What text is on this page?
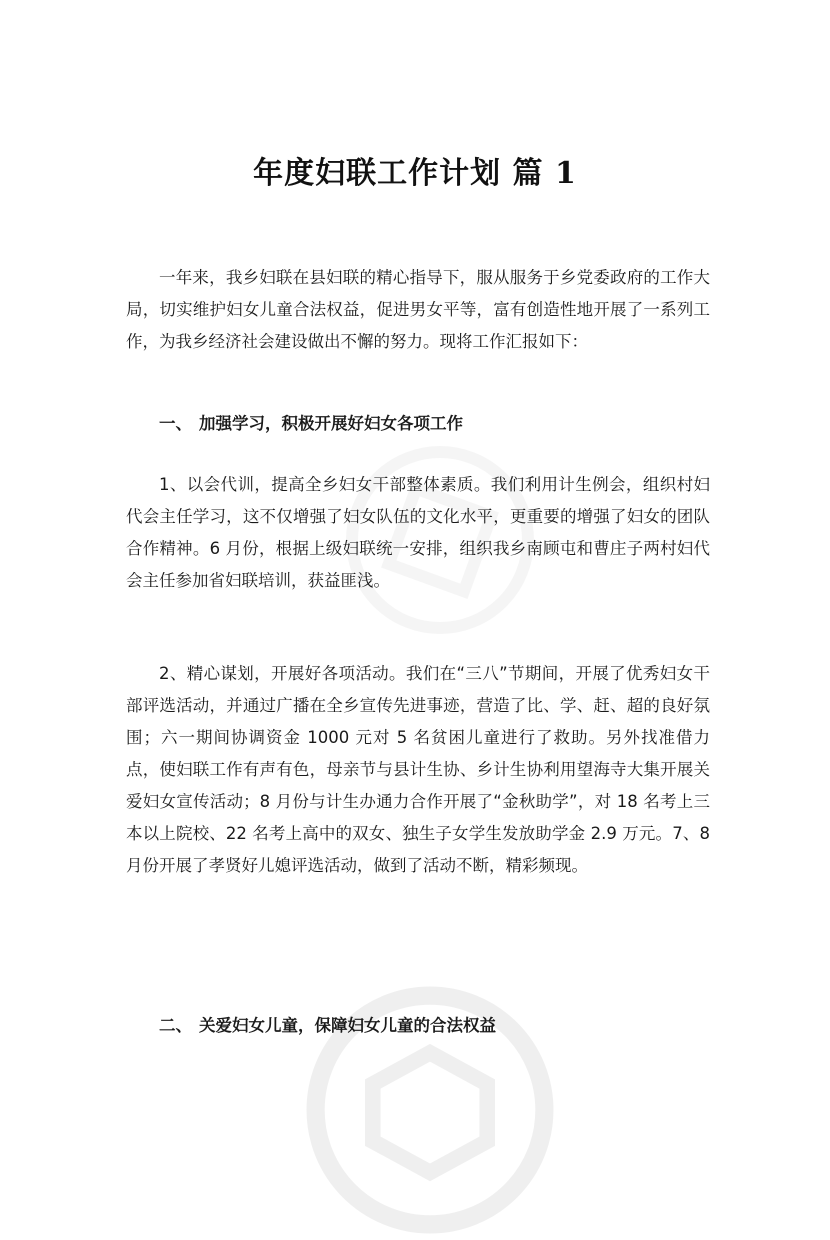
年度妇联工作计划 篇 1

一年来，我乡妇联在县妇联的精心指导下，服从服务于乡党委政府的工作大局，切实维护妇女儿童合法权益，促进男女平等，富有创造性地开展了一系列工作，为我乡经济社会建设做出不懈的努力。现将工作汇报如下：

一、 加强学习，积极开展好妇女各项工作

1、以会代训，提高全乡妇女干部整体素质。我们利用计生例会，组织村妇代会主任学习，这不仅增强了妇女队伍的文化水平，更重要的增强了妇女的团队合作精神。6 月份，根据上级妇联统一安排，组织我乡南顾屯和曹庄子两村妇代会主任参加省妇联培训，获益匪浅。

2、精心谋划，开展好各项活动。我们在“三八”节期间，开展了优秀妇女干部评选活动，并通过广播在全乡宣传先进事迹，营造了比、学、赶、超的良好氛围；六一期间协调资金 1000 元对 5 名贫困儿童进行了救助。另外找准借力点，使妇联工作有声有色，母亲节与县计生协、乡计生协利用望海寺大集开展关爱妇女宣传活动；8 月份与计生办通力合作开展了“金秋助学”，对 18 名考上三本以上院校、22 名考上高中的双女、独生子女学生发放助学金 2.9 万元。7、8 月份开展了孝贤好儿媳评选活动，做到了活动不断，精彩频现。

二、 关爱妇女儿童，保障妇女儿童的合法权益
